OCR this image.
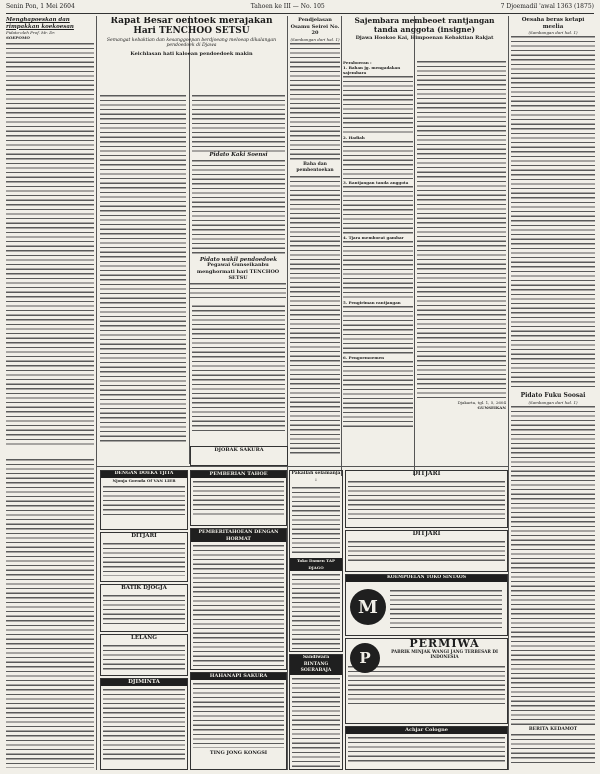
Senin Pon, 1 Mei 2604	Tahoen ke III — No. 105	7 Djoemadil 'awal 1363 (1875)
Menghapoeskan dan rimpakkan koekoesan
Pidato-oleh Prof. Mr. Dr.
SOEPOMO
Rapat Besar oentoek merajakan Hari TENCHOO SETSU
Semangat kebaktian dan kesanggoepan berdjoeang meloeap dikalangan pendoedoek di Djawa
Keichlasan hati kaloean pendoedoek makin
Pidato Kaki Soensi
Pidato wakil pendoedoek
Pendjelasan Osamu Seirei No. 20
(Sambangan dari hal. 1)
Baha dan pembentoekan
Pegawai Gunseikanbu menghormati hari TENCHOO SETSU
Sajembara membeoet rantjangan tanda anggota (insigne)
Djawa Hookoo Kai, Himpoenan Kebaktian Rakjat
Peraboeran :
1. Bahan jg. mengadakan sajembara
2. Hadiah
3. Rantjangan tanda anggota
4. Tjara memboeat gambar
5. Pengiriman rantjangan
6. Pengoemoemen
Djakarta, tgl. 1, 5, 2604
GUNSEIKAN
Oesaha beras ketapi meelia
(Sambangan dari hal. 1)
Pidato Fuku Soosai
(Sambangan dari hal. 1)
BERITA KEDAMOT
DENGAN DOEKA TJITA
Njonja Goenda Of VAN LIER
DITJARI
BATIK DJOGJA
LELANG
DJIMINTA
PEMBERIAN TAHOE
PEMBERITAHOEAN DENGAN HORMAT
HAHANAPI SAKURA
TING JONG KONGSI
Pakailah selamanja :
Toko Damen TAP DJAGO
Sandiwara BINTANG SOERABAJA
DITJARI
DITJARI
KOEMPOELAN TOKO SINTAOS
M
P
PERMIWA
PABRIK MINJAK WANGI JANG TERBESAR DI INDONESIA
Achjar Cologne
DJOBAK SAKURA
